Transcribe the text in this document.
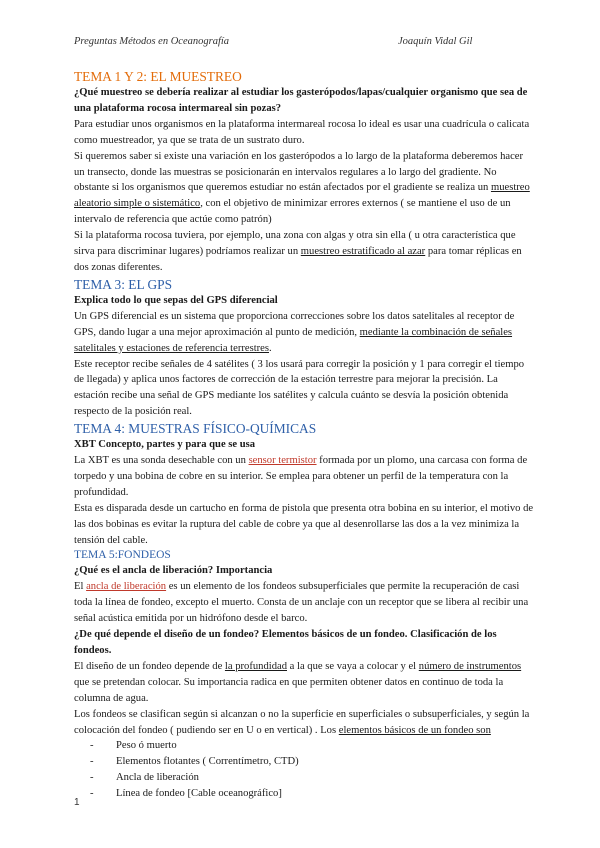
Preguntas Métodos en Oceanografía	Joaquín Vidal Gil
TEMA 1 Y 2: EL MUESTREO

¿Qué muestreo se debería realizar al estudiar los gasterópodos/lapas/cualquier organismo que sea de una plataforma rocosa intermareal sin pozas?

Para estudiar unos organismos en la plataforma intermareal rocosa lo ideal es usar una cuadrícula o calicata como muestreador, ya que se trata de un sustrato duro.

Si queremos saber si existe una variación en los gasterópodos a lo largo de la plataforma deberemos hacer un transecto, donde las muestras se posicionarán en intervalos regulares a lo largo del gradiente. No obstante si los organismos que queremos estudiar no están afectados por el gradiente se realiza un muestreo aleatorio simple o sistemático, con el objetivo de minimizar errores externos ( se mantiene el uso de un intervalo de referencia que actúe como patrón)

Si la plataforma rocosa tuviera, por ejemplo, una zona con algas y otra sin ella ( u otra característica que sirva para discriminar lugares) podríamos realizar un muestreo estratificado al azar para tomar réplicas en dos zonas diferentes.

TEMA 3: EL GPS

Explica todo lo que sepas del GPS diferencial

Un GPS diferencial es un sistema que proporciona correcciones sobre los datos satelitales al receptor de GPS, dando lugar a una mejor aproximación al punto de medición, mediante la combinación de señales satelitales y estaciones de referencia terrestres.

Este receptor recibe señales de 4 satélites ( 3 los usará para corregir la posición y 1 para corregir el tiempo de llegada) y aplica unos factores de corrección de la estación terrestre para mejorar la precisión. La estación recibe una señal de GPS mediante los satélites y calcula cuánto se desvía la posición obtenida respecto de la posición real.

TEMA 4: MUESTRAS FÍSICO-QUÍMICAS

XBT Concepto, partes y para que se usa

La XBT es una sonda desechable con un sensor termistor formada por un plomo, una carcasa con forma de torpedo y una bobina de cobre en su interior. Se emplea para obtener un perfil de la temperatura con la profundidad.

Esta es disparada desde un cartucho en forma de pistola que presenta otra bobina en su interior, el motivo de las dos bobinas es evitar la ruptura del cable de cobre ya que al desenrollarse las dos a la vez minimiza la tensión del cable.

TEMA 5:FONDEOS

¿Qué es el ancla de liberación? Importancia

El ancla de liberación es un elemento de los fondeos subsuperficiales que permite la recuperación de casi toda la línea de fondeo, excepto el muerto. Consta de un anclaje con un receptor que se libera al recibir una señal acústica emitida por un hidrófono desde el barco.

¿De qué depende el diseño de un fondeo? Elementos básicos de un fondeo. Clasificación de los fondeos.

El diseño de un fondeo depende de la profundidad a la que se vaya a colocar y el número de instrumentos que se pretendan colocar. Su importancia radica en que permiten obtener datos en continuo de toda la columna de agua.

Los fondeos se clasifican según si alcanzan o no la superficie en superficiales o subsuperficiales, y según la colocación del fondeo ( pudiendo ser en U o en vertical) . Los elementos básicos de un fondeo son

- Peso ó muerto
- Elementos flotantes ( Correntímetro, CTD)
- Ancla de liberación
- Línea de fondeo [Cable oceanográfico]
1
